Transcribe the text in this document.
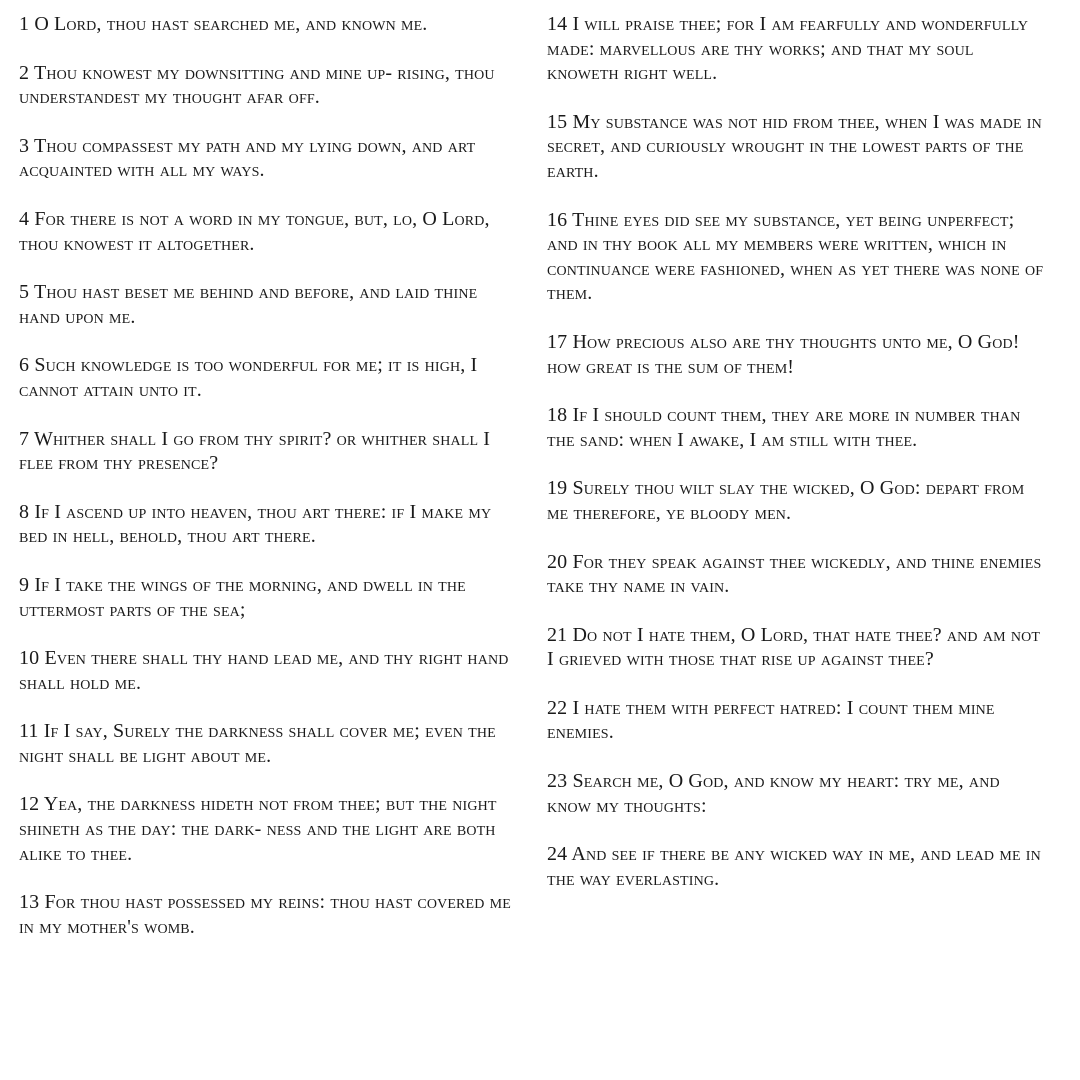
1 O Lord, thou hast searched me, and known me.

2 Thou knowest my downsitting and mine up- rising, thou understandest my thought afar off.

3 Thou compassest my path and my lying down, and art acquainted with all my ways.

4 For there is not a word in my tongue, but, lo, O Lord, thou knowest it altogether.

5 Thou hast beset me behind and before, and laid thine hand upon me.

6 Such knowledge is too wonderful for me; it is high, I cannot attain unto it.

7 Whither shall I go from thy spirit? or whither shall I flee from thy presence?

8 If I ascend up into heaven, thou art there: if I make my bed in hell, behold, thou art there.

9 If I take the wings of the morning, and dwell in the uttermost parts of the sea;

10 Even there shall thy hand lead me, and thy right hand shall hold me.

11 If I say, Surely the darkness shall cover me; even the night shall be light about me.

12 Yea, the darkness hideth not from thee; but the night shineth as the day: the dark- ness and the light are both alike to thee.

13 For thou hast possessed my reins: thou hast covered me in my mother's womb.

14 I will praise thee; for I am fearfully and wonderfully made: marvellous are thy works; and that my soul knoweth right well.

15 My substance was not hid from thee, when I was made in secret, and curiously wrought in the lowest parts of the earth.

16 Thine eyes did see my substance, yet being unperfect; and in thy book all my members were written, which in continuance were fashioned, when as yet there was none of them.

17 How precious also are thy thoughts unto me, O God! how great is the sum of them!

18 If I should count them, they are more in number than the sand: when I awake, I am still with thee.

19 Surely thou wilt slay the wicked, O God: depart from me therefore, ye bloody men.

20 For they speak against thee wickedly, and thine enemies take thy name in vain.

21 Do not I hate them, O Lord, that hate thee? and am not I grieved with those that rise up against thee?

22 I hate them with perfect hatred: I count them mine enemies.

23 Search me, O God, and know my heart: try me, and know my thoughts:

24 And see if there be any wicked way in me, and lead me in the way everlasting.
